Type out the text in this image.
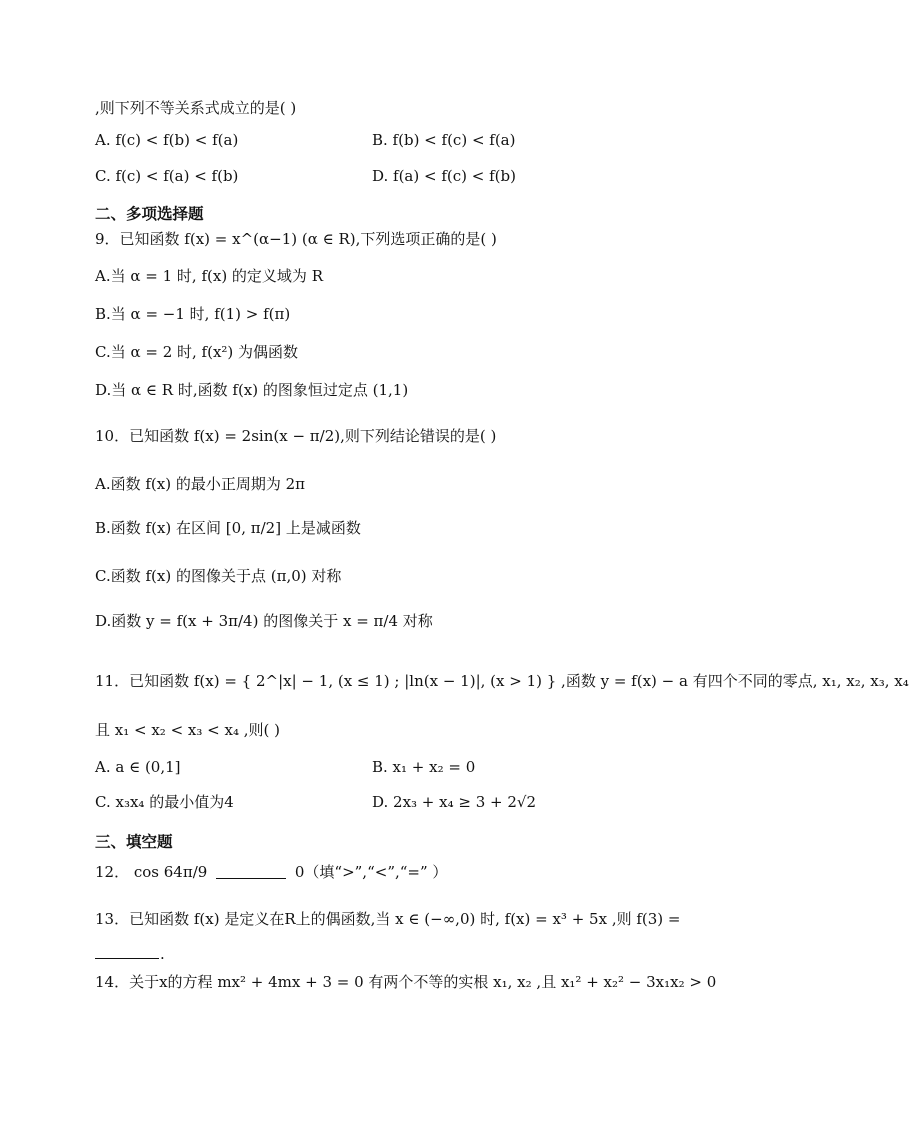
,则下列不等关系式成立的是( )
A. f(c) < f(b) < f(a)	B. f(b) < f(c) < f(a)
C. f(c) < f(a) < f(b)	D. f(a) < f(c) < f(b)
二、多项选择题
9．已知函数 f(x) = x^(α−1) (α ∈ R),下列选项正确的是( )
A.当 α = 1 时, f(x) 的定义域为 R
B.当 α = −1 时, f(1) > f(π)
C.当 α = 2 时, f(x²) 为偶函数
D.当 α ∈ R 时,函数 f(x) 的图象恒过定点 (1,1)
10．已知函数 f(x) = 2sin(x − π/2),则下列结论错误的是( )
A.函数 f(x) 的最小正周期为 2π
B.函数 f(x) 在区间 [0, π/2] 上是减函数
C.函数 f(x) 的图像关于点 (π,0) 对称
D.函数 y = f(x + 3π/4) 的图像关于 x = π/4 对称
11．已知函数 f(x) = { 2^|x| − 1, (x ≤ 1) ; |ln(x − 1)|, (x > 1) } ,函数 y = f(x) − a 有四个不同的零点, x₁, x₂, x₃, x₄
且 x₁ < x₂ < x₃ < x₄ ,则( )
A. a ∈ (0,1]	B. x₁ + x₂ = 0
C. x₃x₄ 的最小值为4	D. 2x₃ + x₄ ≥ 3 + 2√2
三、填空题
12． cos 64π/9	0（填“>”,“<”,“=” ）
13．已知函数 f(x) 是定义在R上的偶函数,当 x ∈ (−∞,0) 时, f(x) = x³ + 5x ,则 f(3) =
.
14．关于x的方程 mx² + 4mx + 3 = 0 有两个不等的实根 x₁, x₂ ,且 x₁² + x₂² − 3x₁x₂ > 0
